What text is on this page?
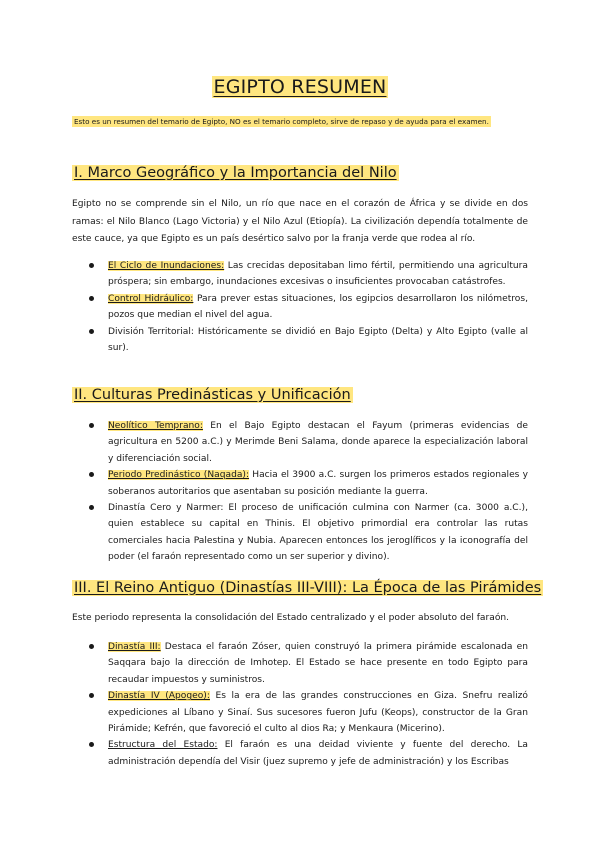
EGIPTO RESUMEN
Esto es un resumen del temario de Egipto, NO es el temario completo, sirve de repaso y de ayuda para el examen.
I. Marco Geográfico y la Importancia del Nilo

Egipto no se comprende sin el Nilo, un río que nace en el corazón de África y se divide en dos ramas: el Nilo Blanco (Lago Victoria) y el Nilo Azul (Etiopía). La civilización dependía totalmente de este cauce, ya que Egipto es un país desértico salvo por la franja verde que rodea al río.

El Ciclo de Inundaciones: Las crecidas depositaban limo fértil, permitiendo una agricultura próspera; sin embargo, inundaciones excesivas o insuficientes provocaban catástrofes.
Control Hidráulico: Para prever estas situaciones, los egipcios desarrollaron los nilómetros, pozos que median el nivel del agua.
División Territorial: Históricamente se dividió en Bajo Egipto (Delta) y Alto Egipto (valle al sur).
II. Culturas Predinásticas y Unificación
Neolítico Temprano: En el Bajo Egipto destacan el Fayum (primeras evidencias de agricultura en 5200 a.C.) y Merimde Beni Salama, donde aparece la especialización laboral y diferenciación social.
Periodo Predinástico (Naqada): Hacia el 3900 a.C. surgen los primeros estados regionales y soberanos autoritarios que asentaban su posición mediante la guerra.
Dinastía Cero y Narmer: El proceso de unificación culmina con Narmer (ca. 3000 a.C.), quien establece su capital en Thinis. El objetivo primordial era controlar las rutas comerciales hacia Palestina y Nubia. Aparecen entonces los jeroglíficos y la iconografía del poder (el faraón representado como un ser superior y divino).
III. El Reino Antiguo (Dinastías III-VIII): La Época de las Pirámides

Este periodo representa la consolidación del Estado centralizado y el poder absoluto del faraón.

Dinastía III: Destaca el faraón Zóser, quien construyó la primera pirámide escalonada en Saqqara bajo la dirección de Imhotep. El Estado se hace presente en todo Egipto para recaudar impuestos y suministros.
Dinastía IV (Apogeo): Es la era de las grandes construcciones en Giza. Snefru realizó expediciones al Líbano y Sinaí. Sus sucesores fueron Jufu (Keops), constructor de la Gran Pirámide; Kefrén, que favoreció el culto al dios Ra; y Menkaura (Micerino).
Estructura del Estado: El faraón es una deidad viviente y fuente del derecho. La administración dependía del Visir (juez supremo y jefe de administración) y los Escribas
